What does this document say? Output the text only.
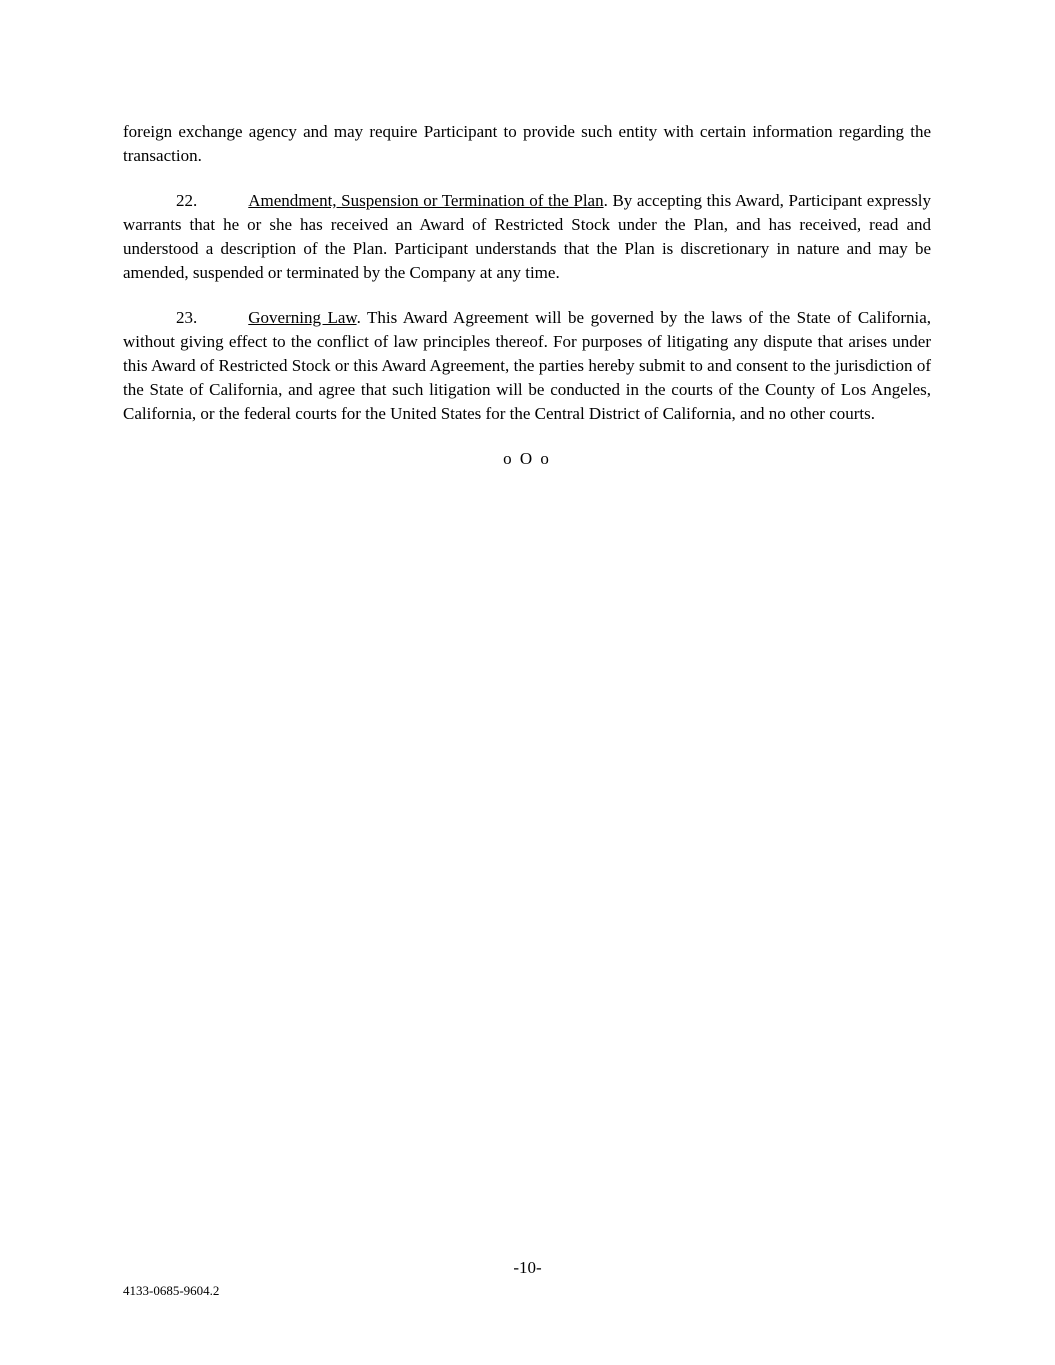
foreign exchange agency and may require Participant to provide such entity with certain information regarding the transaction.

22.	Amendment, Suspension or Termination of the Plan. By accepting this Award, Participant expressly warrants that he or she has received an Award of Restricted Stock under the Plan, and has received, read and understood a description of the Plan. Participant understands that the Plan is discretionary in nature and may be amended, suspended or terminated by the Company at any time.

23.	Governing Law. This Award Agreement will be governed by the laws of the State of California, without giving effect to the conflict of law principles thereof. For purposes of litigating any dispute that arises under this Award of Restricted Stock or this Award Agreement, the parties hereby submit to and consent to the jurisdiction of the State of California, and agree that such litigation will be conducted in the courts of the County of Los Angeles, California, or the federal courts for the United States for the Central District of California, and no other courts.

o O o

-10-
4133-0685-9604.2
